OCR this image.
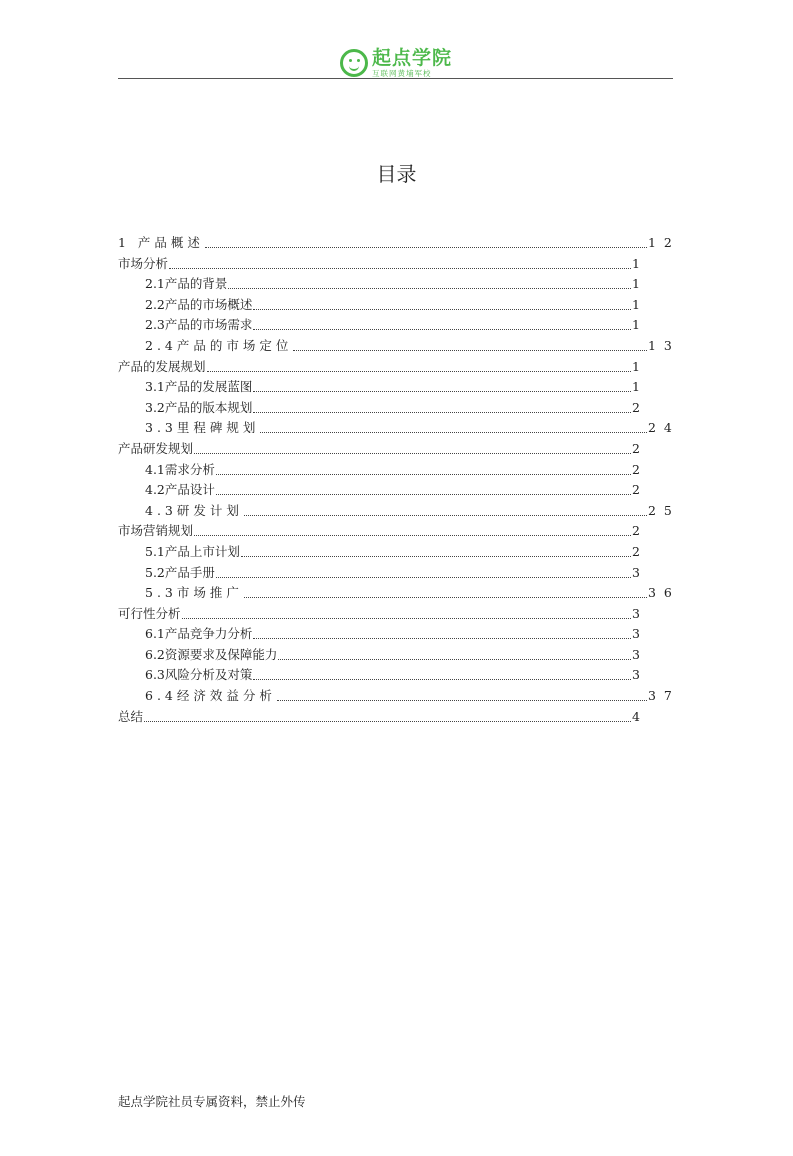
起点学院
互联网黄埔军校
目录
1 产品概述	1 2
市场分析	1
2.1产品的背景	1
2.2产品的市场概述	1
2.3产品的市场需求	1
2.4产品的市场定位	1 3
产品的发展规划	1
3.1产品的发展蓝图	1
3.2产品的版本规划	2
3.3里程碑规划	2 4
产品研发规划	2
4.1需求分析	2
4.2产品设计	2
4.3研发计划	2 5
市场营销规划	2
5.1产品上市计划	2
5.2产品手册	3
5.3市场推广	3 6
可行性分析	3
6.1产品竞争力分析	3
6.2资源要求及保障能力	3
6.3风险分析及对策	3
6.4经济效益分析	3 7
总结	4
起点学院社员专属资料，禁止外传
